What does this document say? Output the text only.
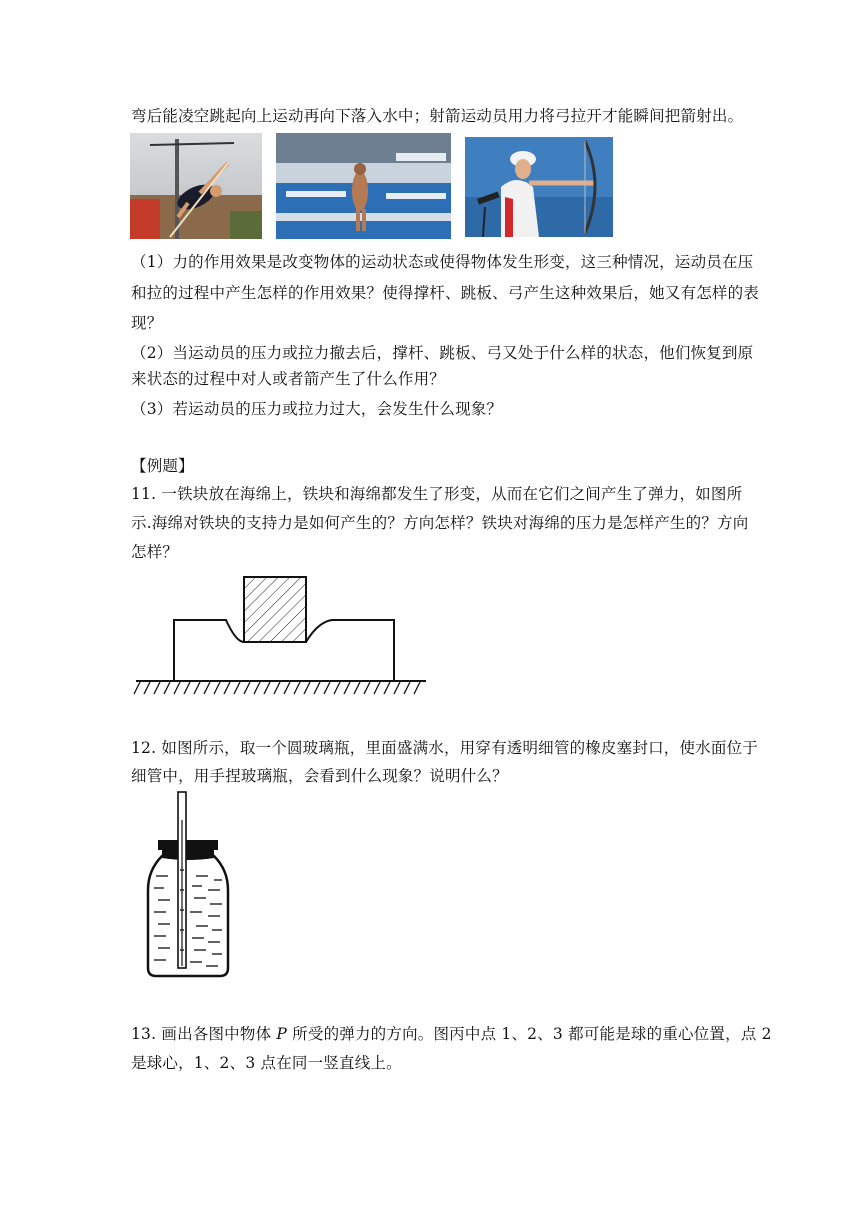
弯后能凌空跳起向上运动再向下落入水中；射箭运动员用力将弓拉开才能瞬间把箭射出。
（1）力的作用效果是改变物体的运动状态或使得物体发生形变，这三种情况，运动员在压
和拉的过程中产生怎样的作用效果？使得撑杆、跳板、弓产生这种效果后，她又有怎样的表
现？
（2）当运动员的压力或拉力撤去后，撑杆、跳板、弓又处于什么样的状态，他们恢复到原
来状态的过程中对人或者箭产生了什么作用？
（3）若运动员的压力或拉力过大，会发生什么现象？
【例题】
11. 一铁块放在海绵上，铁块和海绵都发生了形变，从而在它们之间产生了弹力，如图所
示.海绵对铁块的支持力是如何产生的？方向怎样？铁块对海绵的压力是怎样产生的？方向
怎样？
12. 如图所示，取一个圆玻璃瓶，里面盛满水，用穿有透明细管的橡皮塞封口，使水面位于
细管中，用手捏玻璃瓶，会看到什么现象？说明什么？
13. 画出各图中物体 P 所受的弹力的方向。图丙中点 1、2、3 都可能是球的重心位置，点 2
是球心，1、2、3 点在同一竖直线上。
